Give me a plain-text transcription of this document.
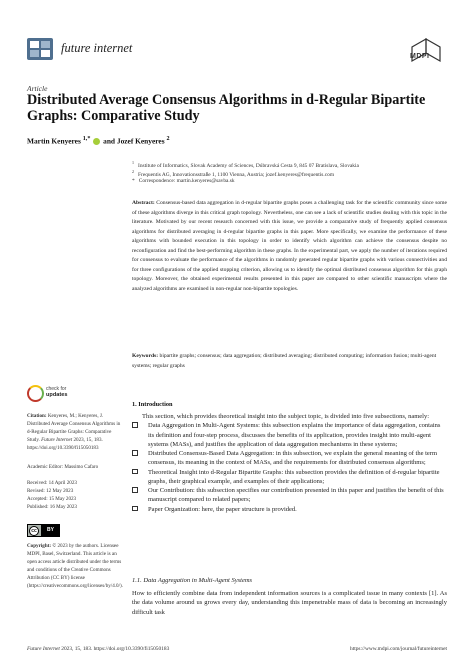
future internet
MDPI
Article
Distributed Average Consensus Algorithms in d-Regular Bipartite Graphs: Comparative Study
Martin Kenyeres $^{1,*}$ and Jozef Kenyeres $^2$
$^1$   Institute of Informatics, Slovak Academy of Sciences, Dúbravská Cesta 9, 845 07 Bratislava, Slovakia
$^2$   Frequentis AG, Innovationsstraße 1, 1100 Vienna, Austria; jozef.kenyeres@frequentis.com
* Correspondence: martin.kenyeres@savba.sk
Abstract: Consensus-based data aggregation in d-regular bipartite graphs poses a challenging task for the scientific community since some of these algorithms diverge in this critical graph topology. Nevertheless, one can see a lack of scientific studies dealing with this topic in the literature. Motivated by our recent research concerned with this issue, we provide a comparative study of frequently applied consensus algorithms for distributed averaging in d-regular bipartite graphs in this paper. More specifically, we examine the performance of these algorithms with bounded execution in this topology in order to identify which algorithm can achieve the consensus despite no reconfiguration and find the best-performing algorithm in these graphs. In the experimental part, we apply the number of iterations required for consensus to evaluate the performance of the algorithms in randomly generated regular bipartite graphs with various connectivities and for three configurations of the applied stopping criterion, allowing us to identify the optimal distributed consensus algorithm for this graph topology. Moreover, the obtained experimental results presented in this paper are compared to other scientific manuscripts where the analyzed algorithms are examined in non-regular non-bipartite topologies.
Keywords: bipartite graphs; consensus; data aggregation; distributed averaging; distributed computing; information fusion; multi-agent systems; regular graphs
check for
updates
Citation: Kenyeres, M.; Kenyeres, J. Distributed Average Consensus Algorithms in d-Regular Bipartite Graphs: Comparative Study. Future Internet 2023, 15, 183. https://doi.org/10.3390/fi15050183
Academic Editor: Massimo Cafaro
Received: 14 April 2023
Revised: 12 May 2023
Accepted: 15 May 2023
Published: 16 May 2023
cc	BY
Copyright: © 2023 by the authors. Licensee MDPI, Basel, Switzerland. This article is an open access article distributed under the terms and conditions of the Creative Commons Attribution (CC BY) license (https://creativecommons.org/licenses/by/4.0/).
1. Introduction
This section, which provides theoretical insight into the subject topic, is divided into five subsections, namely:
Data Aggregation in Multi-Agent Systems: this subsection explains the importance of data aggregation, contains its definition and four-step process, discusses the benefits of its application, provides insight into multi-agent systems (MASs), and justifies the application of data aggregation mechanisms in these systems;
Distributed Consensus-Based Data Aggregation: in this subsection, we explain the general meaning of the term consensus, its meaning in the context of MASs, and the requirements for distributed consensus algorithms;
Theoretical Insight into d-Regular Bipartite Graphs: this subsection provides the definition of d-regular bipartite graphs, their graphical example, and examples of their applications;
Our Contribution: this subsection specifies our contribution presented in this paper and justifies the benefit of this manuscript compared to related papers;
Paper Organization: here, the paper structure is provided.
1.1. Data Aggregation in Multi-Agent Systems
How to efficiently combine data from independent information sources is a complicated issue in many contexts [1]. As the data volume around us grows every day, understanding this impenetrable mass of data is becoming an increasingly difficult task
Future Internet 2023, 15, 183. https://doi.org/10.3390/fi15050183	https://www.mdpi.com/journal/futureinternet
